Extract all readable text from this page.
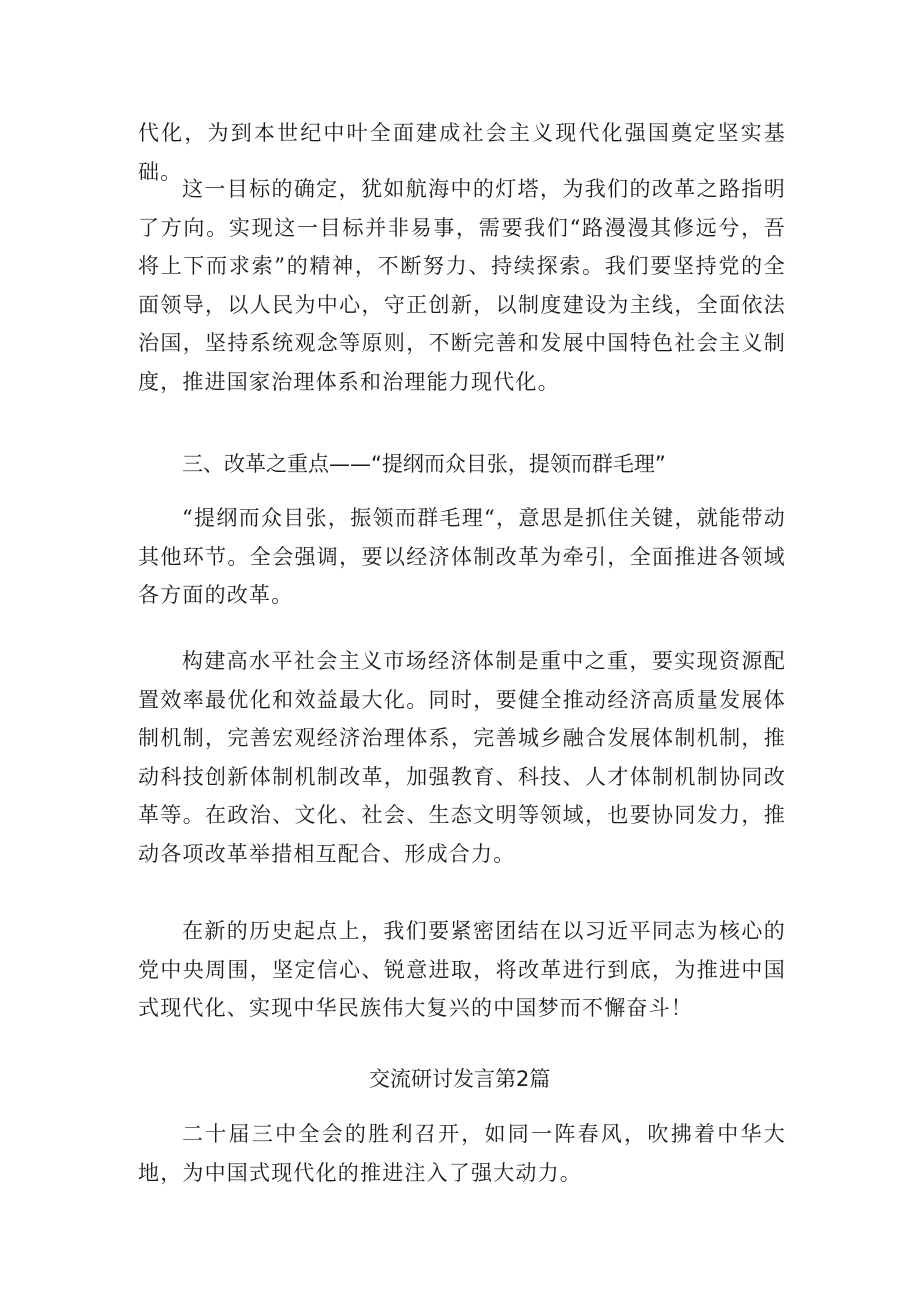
代化，为到本世纪中叶全面建成社会主义现代化强国奠定坚实基础。

这一目标的确定，犹如航海中的灯塔，为我们的改革之路指明了方向。实现这一目标并非易事，需要我们“路漫漫其修远兮，吾将上下而求索”的精神，不断努力、持续探索。我们要坚持党的全面领导，以人民为中心，守正创新，以制度建设为主线，全面依法治国，坚持系统观念等原则，不断完善和发展中国特色社会主义制度，推进国家治理体系和治理能力现代化。

三、改革之重点——“提纲而众目张，提领而群毛理”

“提纲而众目张，振领而群毛理“，意思是抓住关键，就能带动其他环节。全会强调，要以经济体制改革为牵引，全面推进各领域各方面的改革。

构建高水平社会主义市场经济体制是重中之重，要实现资源配置效率最优化和效益最大化。同时，要健全推动经济高质量发展体制机制，完善宏观经济治理体系，完善城乡融合发展体制机制，推动科技创新体制机制改革，加强教育、科技、人才体制机制协同改革等。在政治、文化、社会、生态文明等领域，也要协同发力，推动各项改革举措相互配合、形成合力。

在新的历史起点上，我们要紧密团结在以习近平同志为核心的党中央周围，坚定信心、锐意进取，将改革进行到底，为推进中国式现代化、实现中华民族伟大复兴的中国梦而不懈奋斗！

交流研讨发言第2篇

二十届三中全会的胜利召开，如同一阵春风，吹拂着中华大地，为中国式现代化的推进注入了强大动力。
